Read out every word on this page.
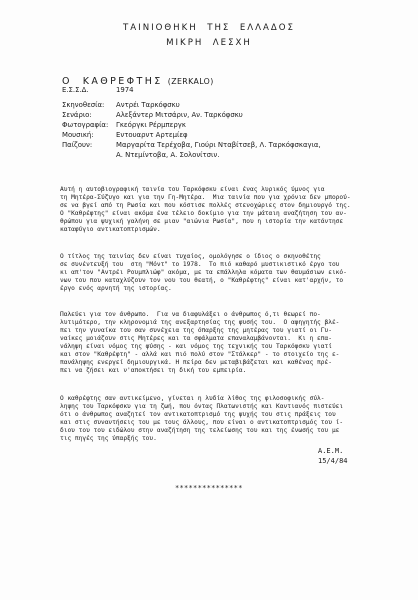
ΤΑΙΝΙΟΘΗΚΗ  ΤΗΣ  ΕΛΛΑΔΟΣ
ΜΙΚΡΗ  ΛΕΣΧΗ
Ο  ΚΑΘΡΕΦΤΗΣ (ZERKALO)
Ε.Σ.Σ.Δ.	1974
Σκηνοθεσία: Αντρέι Ταρκόφσκυ
Σενάριο:	Αλεξάντερ Μιτσάριν, Αν. Ταρκόφσκυ
Φωτογραφία: Γκεόργκι Ρέρμπεργκ
Μουσική:	Εντουαρντ Αρτεμίεφ
Παίζουν:	Μαργαρίτα Τερέχοβα, Γιούρι Νταβίτσεβ, Λ. Ταρκόφσκαγια,
Α. Ντεμίντοβα, Α. Σολονίτσιν.
Αυτή η αυτοβιογραφική ταινία του Ταρκόφσκυ είναι ένας λυρικός ύμνος για
τη Μητέρα-Σύζυγο και για την Γη-Μητέρα.  Μια ταινία που για χρόνια δεν μπορού-
σε να βγεί από τη Ρωσία και που κόστισε πολλές στενοχώριες στον δημιουργό της.
Ο "Καθρέφτης" είναι ακόμα ένα τέλειο δοκίμιο για την μάταιη αναζήτηση του αν-
θρώπου για ψυχική γαλήνη σε μιαν "αιώνια Ρωσία", που η ιστορία την κατάντησε
καταφύγιο αντικατοπτρισμών.
Ο τίτλος της ταινίας δεν είναι τυχαίος, ομολόγησε ο ίδιος ο σκηνοθέτης
σε συνέντευξή του  στη "Μόντ" το 1978.  Το πιό καθαρό μυστικιστικό έργο του
κι απ'τον "Αντρέι Ρουμπλιώφ" ακόμα, με τα επάλληλα κόματα των θαυμάσιων εικό-
νων του που καταχλύζουν τον νου του θεατή, ο "Καθρέφτης" είναι κατ'αρχήν, το
έργο ενός αρνητή της ιστορίας.
Παλεύει για τον άνθρωπο.  Για να διαφυλάξει ο άνθρωπος ό,τι θεωρεί πο-
λυτιμότερο, την κληρονομιά της ανεξαρτησίας της φυσής του.  Ο αφηγητής βλέ-
πει την γυναίκα του σαν συνέχεια της όπαρξης της μητέρας του γιατί οι Γυ-
ναίκες μοιάζουν στις Μητέρες και τα σφάλματα επαναλαμβάνονται.  Κι η επα-
νάληψη είναι νόμος της φύσης - και νόμος της τεχνικής του Ταρκόφσκυ γιατί
και στον "Καθρέφτη" - αλλά και πιό πολύ στον "Στάλκερ" - το στοιχείο της ε-
πανάληψης ενεργεί δημιουργικά. Η πείρα δεν μεταβιβάζεται και καθένας πρέ-
πει να ζήσει και ν'αποκτήσει τη δική του εμπειρία.
Ο καθρέφτης σαν αντικείμενο, γίνεται η λυδία λίθος της φιλοσοφικής σύλ-
ληψης του Ταρκόφσκυ για τη ζωή, που όντας Πλατωνιστής και Καντιανός πιστεύει
ότι ο άνθρωπος αναζητεί τον αντικατοπτρισμό της ψυχής του στις πράξεις του
και στις συναντήσεις του με τους άλλους, που είναι ο αντικατοπτρισμός του ί-
διου του του ειδώλου στην αναζήτηση της τελείωσης του και της ένωσής του με
τις πηγές της ύπαρξής του.
Α.Ε.Μ.
15/4/84
***************
